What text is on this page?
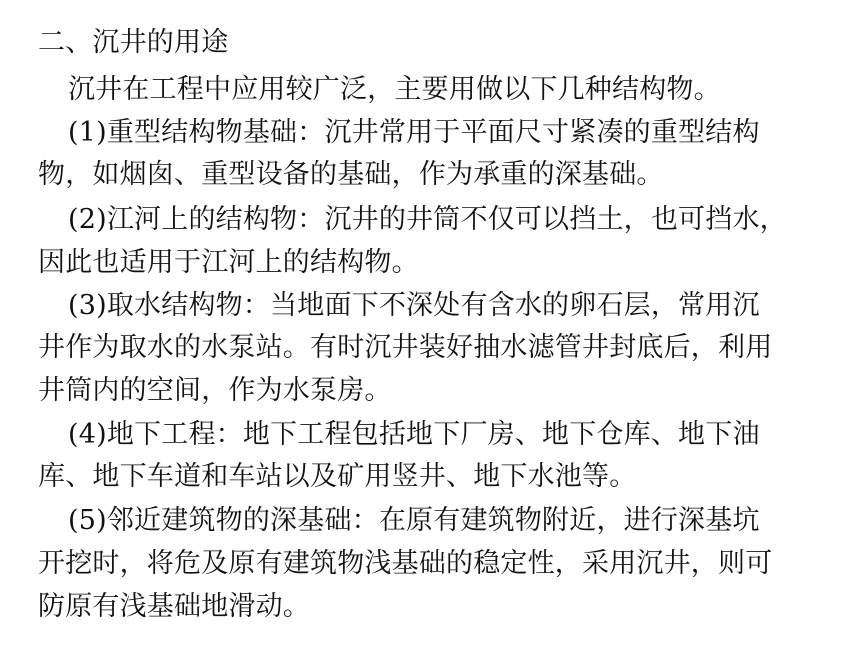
二、沉井的用途
沉井在工程中应用较广泛，主要用做以下几种结构物。
(1)重型结构物基础：沉井常用于平面尺寸紧凑的重型结构
物，如烟囱、重型设备的基础，作为承重的深基础。
(2)江河上的结构物：沉井的井筒不仅可以挡土，也可挡水，
因此也适用于江河上的结构物。
(3)取水结构物：当地面下不深处有含水的卵石层，常用沉
井作为取水的水泵站。有时沉井装好抽水滤管井封底后，利用
井筒内的空间，作为水泵房。
(4)地下工程：地下工程包括地下厂房、地下仓库、地下油
库、地下车道和车站以及矿用竖井、地下水池等。
(5)邻近建筑物的深基础：在原有建筑物附近，进行深基坑
开挖时，将危及原有建筑物浅基础的稳定性，采用沉井，则可
防原有浅基础地滑动。
